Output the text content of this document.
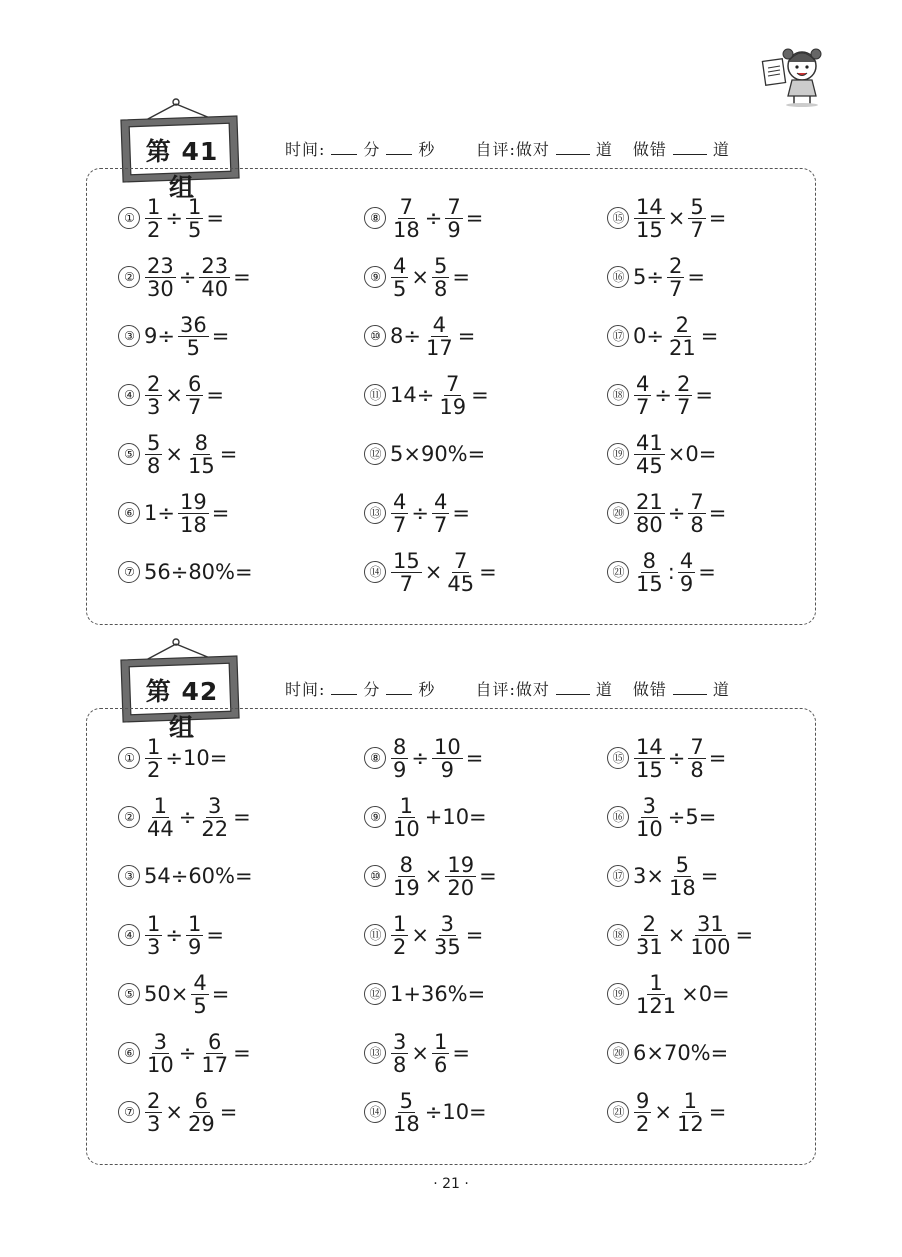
第 41 组
时间: 分 秒	自评:做对	道 做错	道
① $\frac{1}{2} \div \frac{1}{5}$ =
② $\frac{23}{30} \div \frac{23}{40}$ =
③ $9\div \frac{36}{5}$ =
④ $\frac{2}{3} \times \frac{6}{7}$ =
⑤ $\frac{5}{8} \times \frac{8}{15}$ =
⑥ $1\div \frac{19}{18}$ =
⑦ 56÷80%=
⑧ $\frac{7}{18} \div \frac{7}{9}$ =
⑨ $\frac{4}{5} \times \frac{5}{8}$ =
⑩ $8\div \frac{4}{17}$ =
⑪ $14\div \frac{7}{19}$ =
⑫ 5×90%=
⑬ $\frac{4}{7} \div \frac{4}{7}$ =
⑭ $\frac{15}{7} \times \frac{7}{45}$ =
⑮ $\frac{14}{15} \times \frac{5}{7}$ =
⑯ $5\div \frac{2}{7}$ =
⑰ $0\div \frac{2}{21}$ =
⑱ $\frac{4}{7} \div \frac{2}{7}$ =
⑲ $\frac{41}{45} \times 0=$
⑳ $\frac{21}{80} \div \frac{7}{8}$ =
㉑ $\frac{8}{15}$ : $\frac{4}{9}$ =
第 42 组
时间: 分 秒	自评:做对	道 做错	道
① $\frac{1}{2} \div 10=$
② $\frac{1}{44} \div \frac{3}{22}$ =
③ 54÷60%=
④ $\frac{1}{3} \div \frac{1}{9}$ =
⑤ $50\times \frac{4}{5}$ =
⑥ $\frac{3}{10} \div \frac{6}{17}$ =
⑦ $\frac{2}{3} \times \frac{6}{29}$ =
⑧ $\frac{8}{9} \div \frac{10}{9}$ =
⑨ $\frac{1}{10} +10=$
⑩ $\frac{8}{19} \times \frac{19}{20}$ =
⑪ $\frac{1}{2} \times \frac{3}{35}$ =
⑫ 1+36%=
⑬ $\frac{3}{8} \times \frac{1}{6}$ =
⑭ $\frac{5}{18} \div 10=$
⑮ $\frac{14}{15} \div \frac{7}{8}$ =
⑯ $\frac{3}{10} \div 5=$
⑰ $3\times \frac{5}{18}$ =
⑱ $\frac{2}{31} \times \frac{31}{100}$ =
⑲ $\frac{1}{121} \times 0=$
⑳ 6×70%=
㉑ $\frac{9}{2} \times \frac{1}{12}$ =
· 21 ·
